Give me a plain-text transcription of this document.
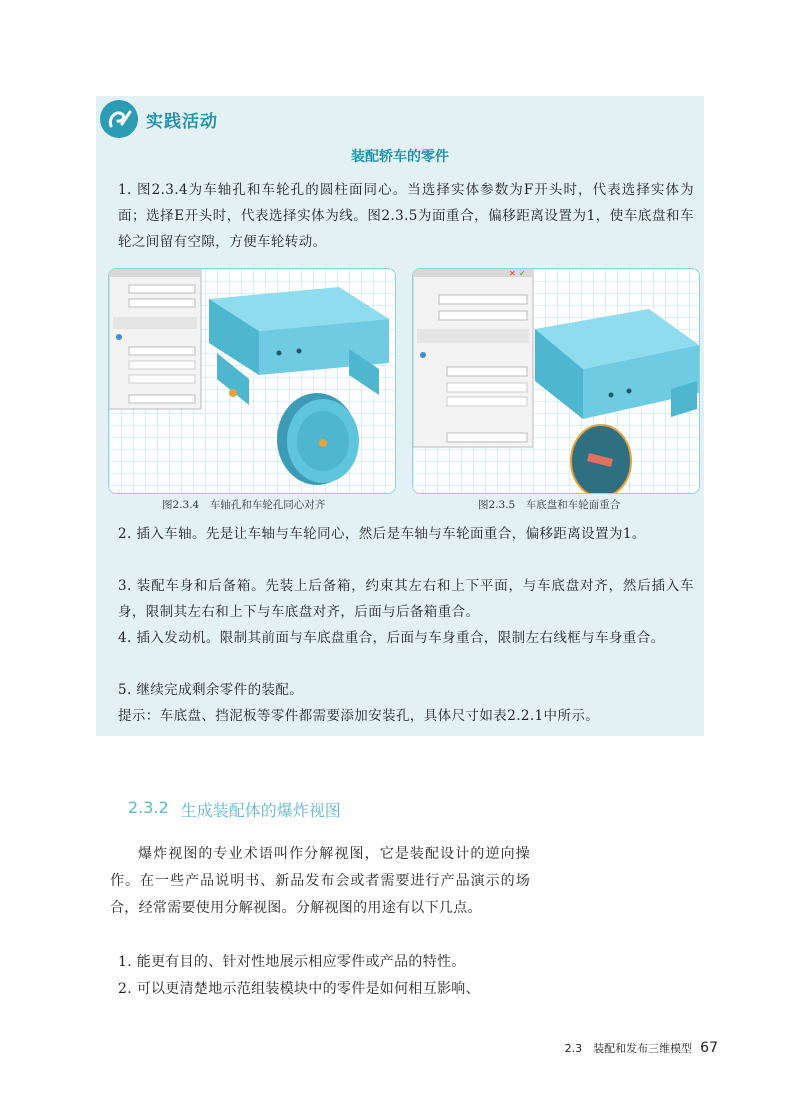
实践活动
装配轿车的零件
1. 图2.3.4为车轴孔和车轮孔的圆柱面同心。当选择实体参数为F开头时，代表选择实体为面；选择E开头时，代表选择实体为线。图2.3.5为面重合，偏移距离设置为1，使车底盘和车轮之间留有空隙，方便车轮转动。
✕ ✓
图2.3.4　车轴孔和车轮孔同心对齐	图2.3.5　车底盘和车轮面重合
2. 插入车轴。先是让车轴与车轮同心，然后是车轴与车轮面重合，偏移距离设置为1。
3. 装配车身和后备箱。先装上后备箱，约束其左右和上下平面，与车底盘对齐，然后插入车身，限制其左右和上下与车底盘对齐，后面与后备箱重合。
4. 插入发动机。限制其前面与车底盘重合，后面与车身重合，限制左右线框与车身重合。
5. 继续完成剩余零件的装配。
提示：车底盘、挡泥板等零件都需要添加安装孔，具体尺寸如表2.2.1中所示。
2.3.2 生成装配体的爆炸视图
爆炸视图的专业术语叫作分解视图，它是装配设计的逆向操作。在一些产品说明书、新品发布会或者需要进行产品演示的场合，经常需要使用分解视图。分解视图的用途有以下几点。
1. 能更有目的、针对性地展示相应零件或产品的特性。
2. 可以更清楚地示范组装模块中的零件是如何相互影响、
2.3　装配和发布三维模型 67
